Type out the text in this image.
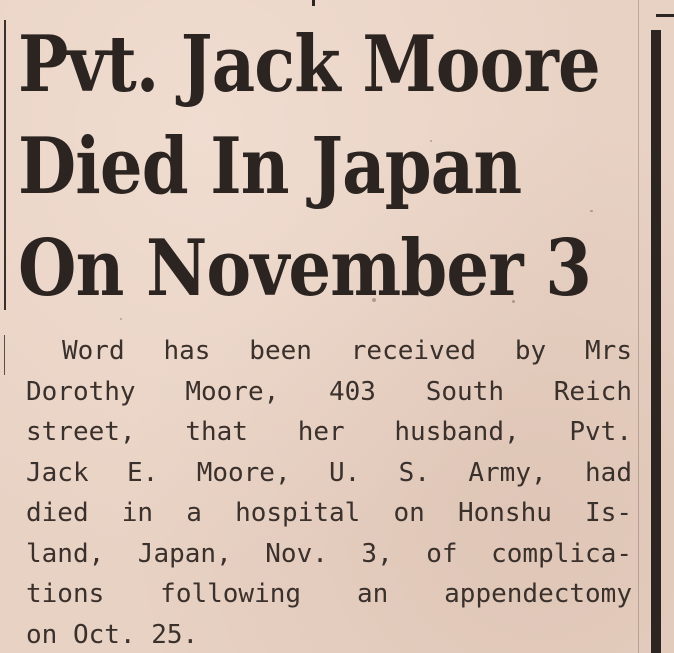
Pvt. Jack Moore
Died In Japan
On November 3
Word has been received by Mrs
Dorothy Moore, 403 South Reich
street, that her husband, Pvt.
Jack E. Moore, U. S. Army, had
died in a hospital on Honshu Is-
land, Japan, Nov. 3, of complica-
tions following an appendectomy
on Oct. 25.
